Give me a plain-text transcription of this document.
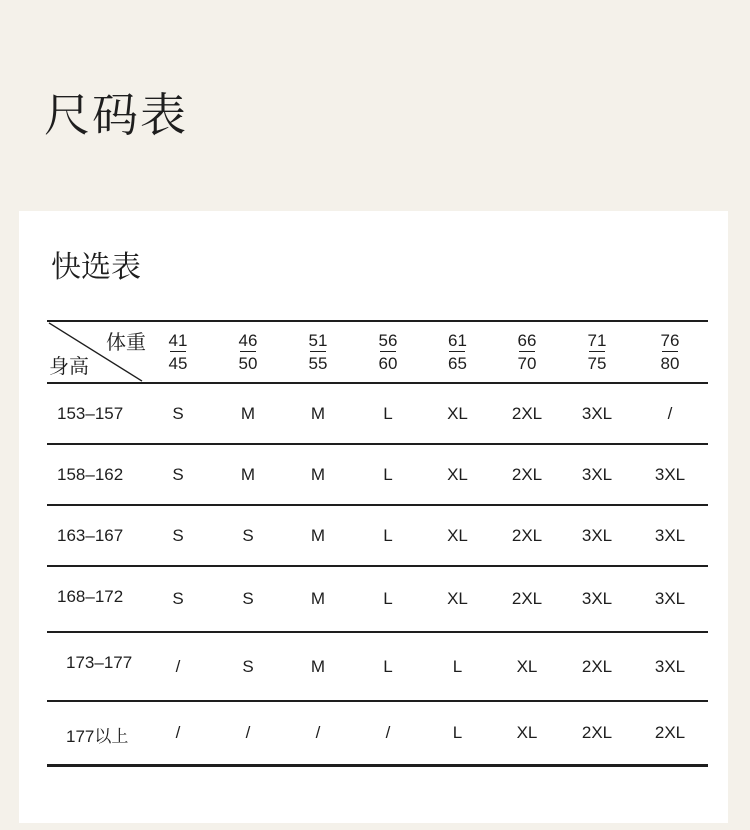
尺码表
快选表
体重
身高	$\frac{41}{45}$	$\frac{46}{50}$	$\frac{51}{55}$	$\frac{56}{60}$	$\frac{61}{65}$	$\frac{66}{70}$	$\frac{71}{75}$	$\frac{76}{80}$

153–157	S	M	M	L	XL	2XL	3XL	/
158–162	S	M	M	L	XL	2XL	3XL	3XL
163–167	S	S	M	L	XL	2XL	3XL	3XL
168–172	S	S	M	L	XL	2XL	3XL	3XL
173–177	/	S	M	L	L	XL	2XL	3XL
177以上	/	/	/	/	L	XL	2XL	2XL
